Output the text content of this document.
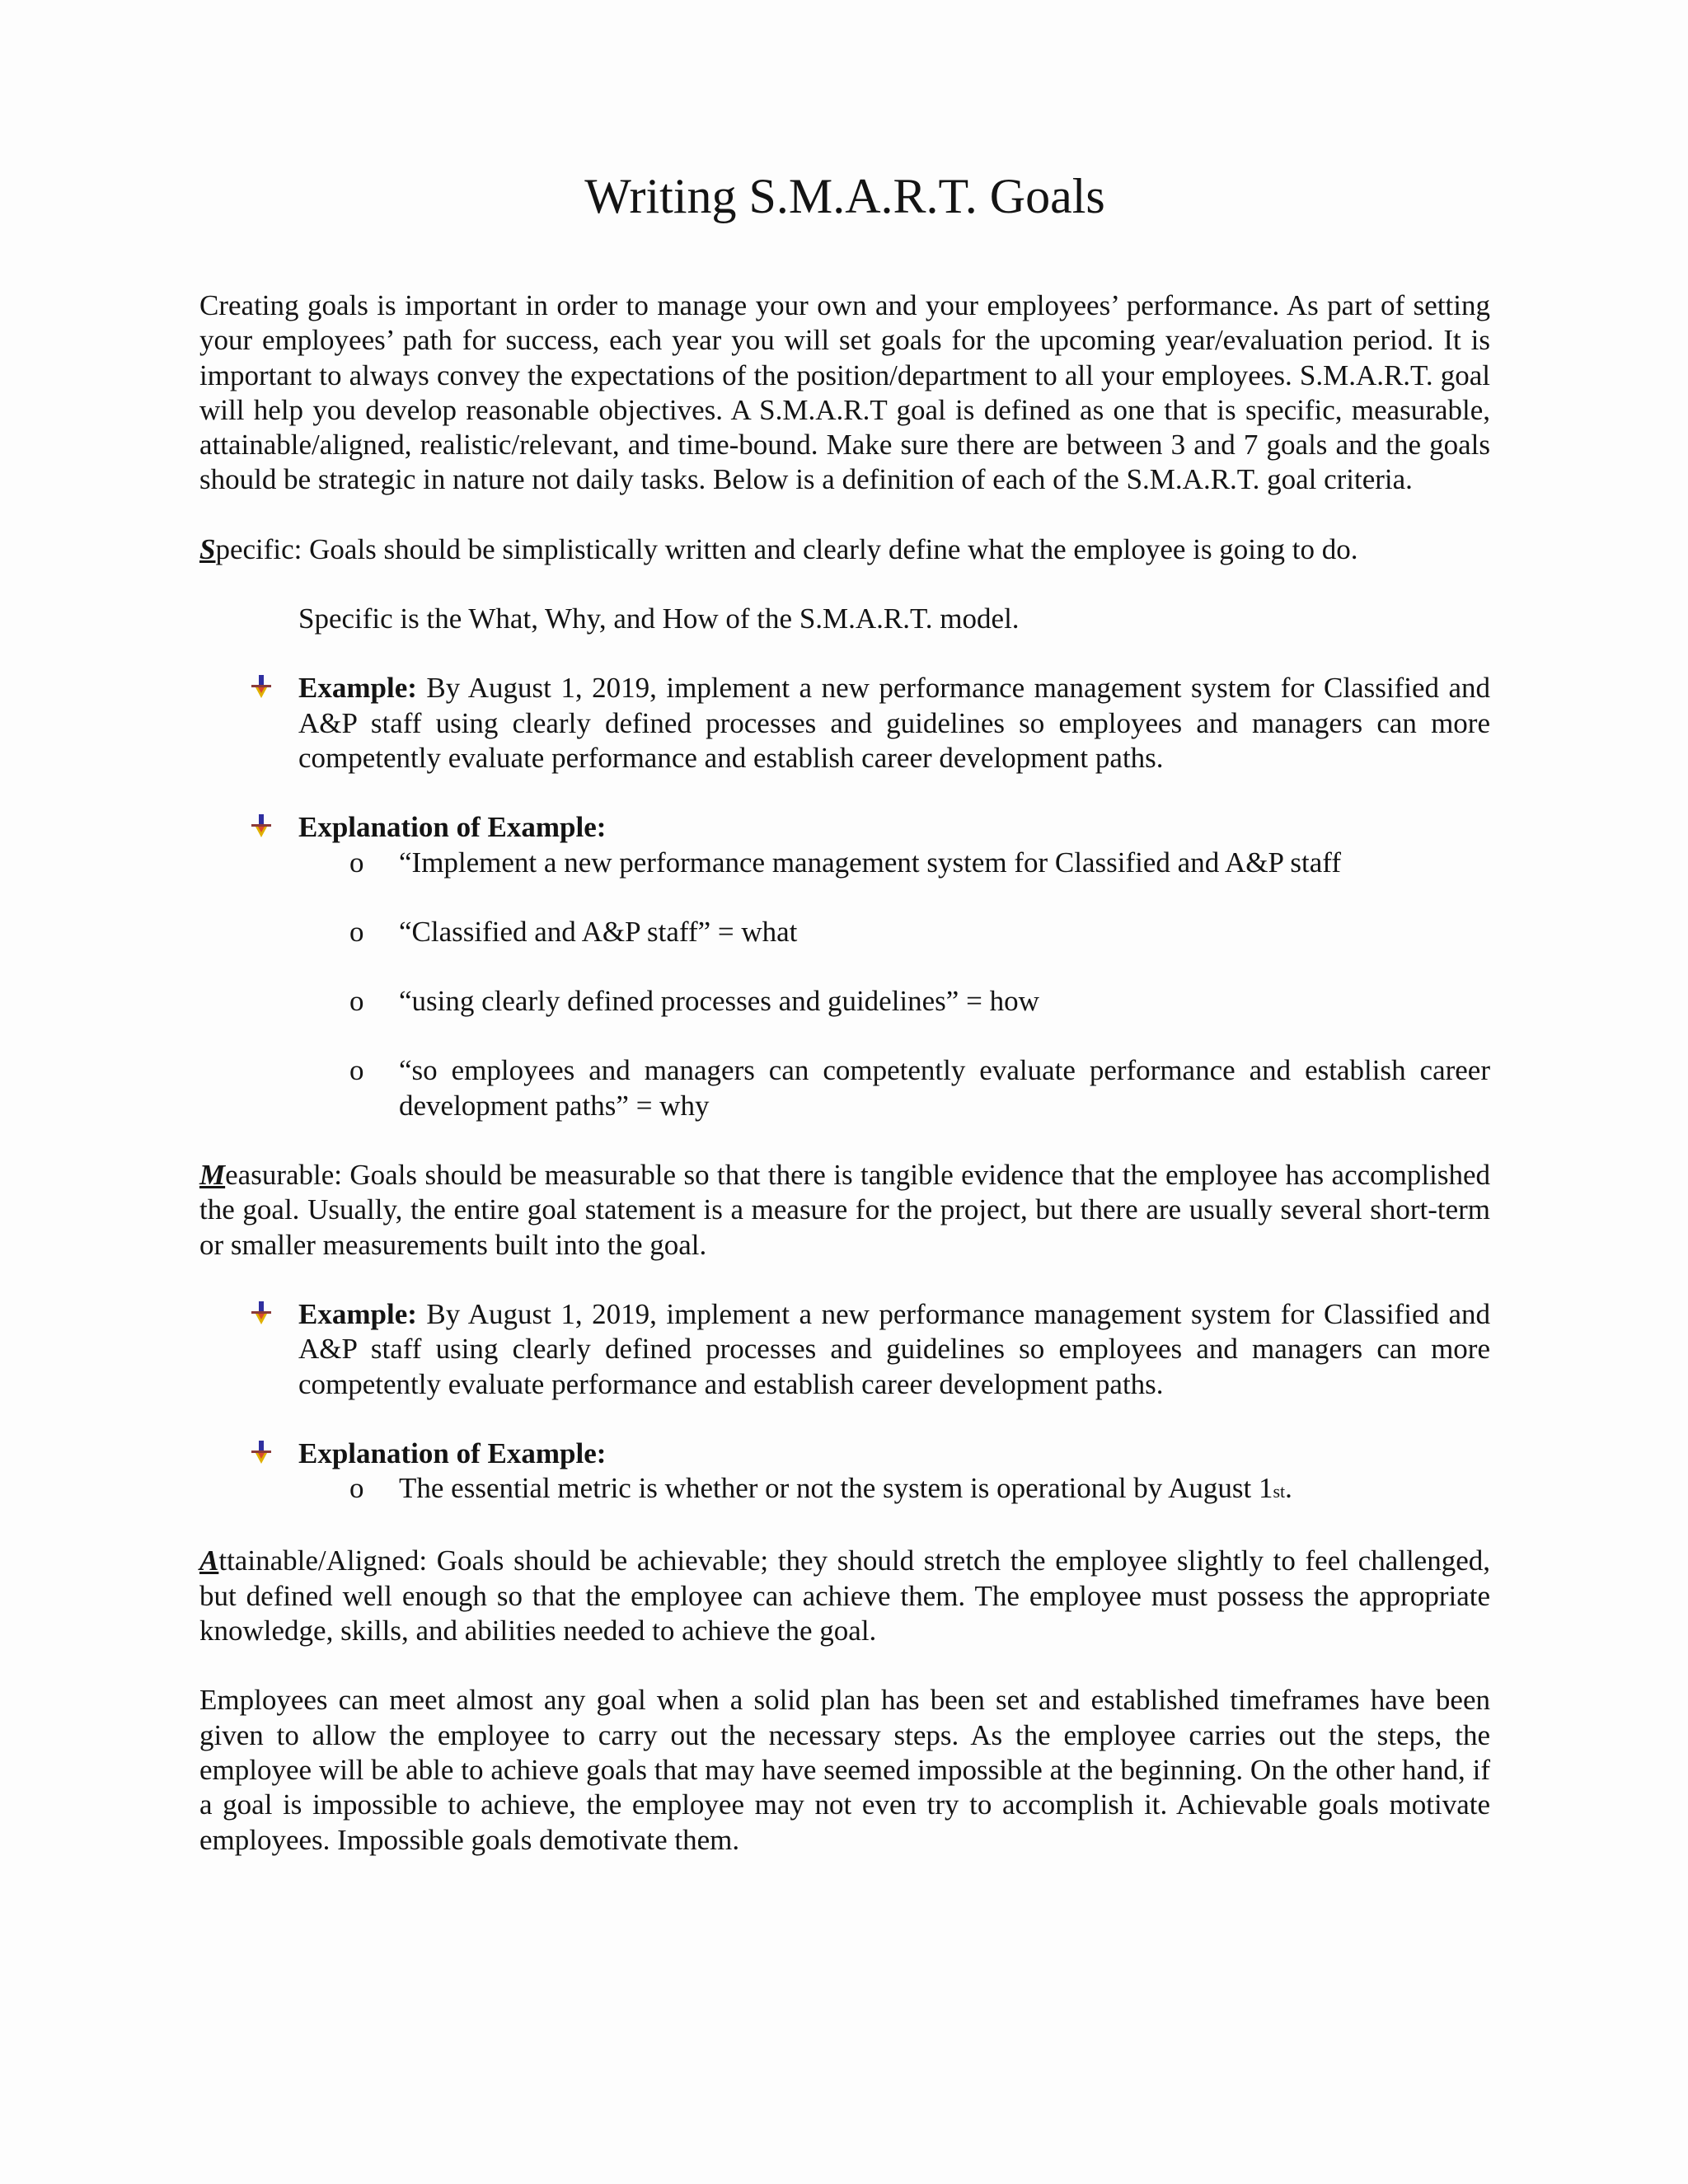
Writing S.M.A.R.T. Goals

Creating goals is important in order to manage your own and your employees’ performance. As part of setting your employees’ path for success, each year you will set goals for the upcoming year/evaluation period. It is important to always convey the expectations of the position/department to all your employees. S.M.A.R.T. goal will help you develop reasonable objectives. A S.M.A.R.T goal is defined as one that is specific, measurable, attainable/aligned, realistic/relevant, and time-bound. Make sure there are between 3 and 7 goals and the goals should be strategic in nature not daily tasks. Below is a definition of each of the S.M.A.R.T. goal criteria.

Specific: Goals should be simplistically written and clearly define what the employee is going to do.

Specific is the What, Why, and How of the S.M.A.R.T. model.

Example: By August 1, 2019, implement a new performance management system for Classified and A&P staff using clearly defined processes and guidelines so employees and managers can more competently evaluate performance and establish career development paths.
Explanation of Example:

o “Implement a new performance management system for Classified and A&P staff

o “Classified and A&P staff” = what

o “using clearly defined processes and guidelines” = how

o “so employees and managers can competently evaluate performance and establish career development paths” = why

Measurable: Goals should be measurable so that there is tangible evidence that the employee has accomplished the goal. Usually, the entire goal statement is a measure for the project, but there are usually several short-term or smaller measurements built into the goal.

Example: By August 1, 2019, implement a new performance management system for Classified and A&P staff using clearly defined processes and guidelines so employees and managers can more competently evaluate performance and establish career development paths.
Explanation of Example:

o The essential metric is whether or not the system is operational by August 1st.

Attainable/Aligned: Goals should be achievable; they should stretch the employee slightly to feel challenged, but defined well enough so that the employee can achieve them. The employee must possess the appropriate knowledge, skills, and abilities needed to achieve the goal.

Employees can meet almost any goal when a solid plan has been set and established timeframes have been given to allow the employee to carry out the necessary steps. As the employee carries out the steps, the employee will be able to achieve goals that may have seemed impossible at the beginning. On the other hand, if a goal is impossible to achieve, the employee may not even try to accomplish it. Achievable goals motivate employees. Impossible goals demotivate them.
